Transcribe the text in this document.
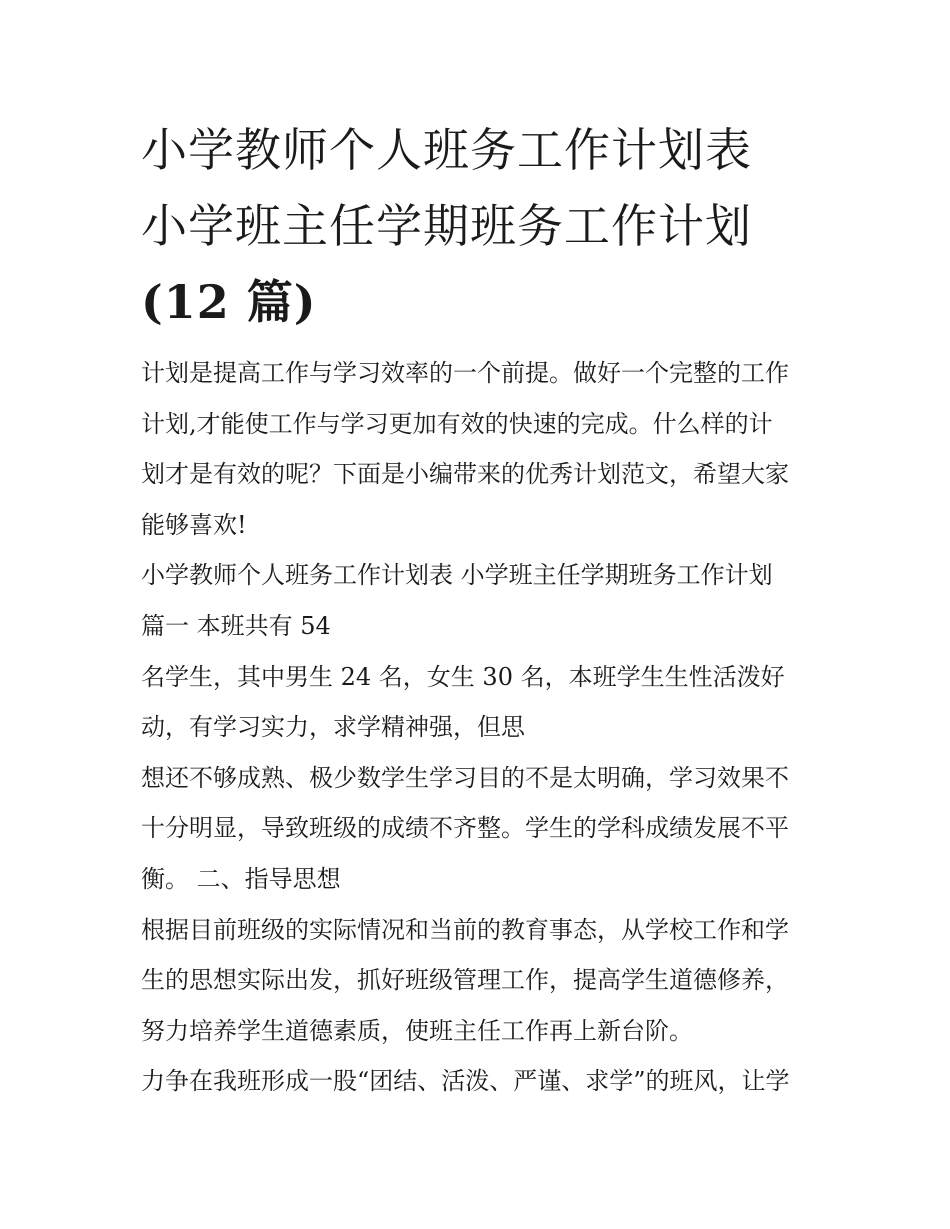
小学教师个人班务工作计划表
小学班主任学期班务工作计划
(12 篇)

计划是提高工作与学习效率的一个前提。做好一个完整的工作
计划,才能使工作与学习更加有效的快速的完成。什么样的计
划才是有效的呢？下面是小编带来的优秀计划范文，希望大家
能够喜欢!

小学教师个人班务工作计划表 小学班主任学期班务工作计划
篇一 本班共有 54

名学生，其中男生 24 名，女生 30 名，本班学生生性活泼好
动，有学习实力，求学精神强，但思

想还不够成熟、极少数学生学习目的不是太明确，学习效果不
十分明显，导致班级的成绩不齐整。学生的学科成绩发展不平
衡。 二、指导思想

根据目前班级的实际情况和当前的教育事态，从学校工作和学
生的思想实际出发，抓好班级管理工作，提高学生道德修养，
努力培养学生道德素质，使班主任工作再上新台阶。

力争在我班形成一股“团结、活泼、严谨、求学”的班风，让学
